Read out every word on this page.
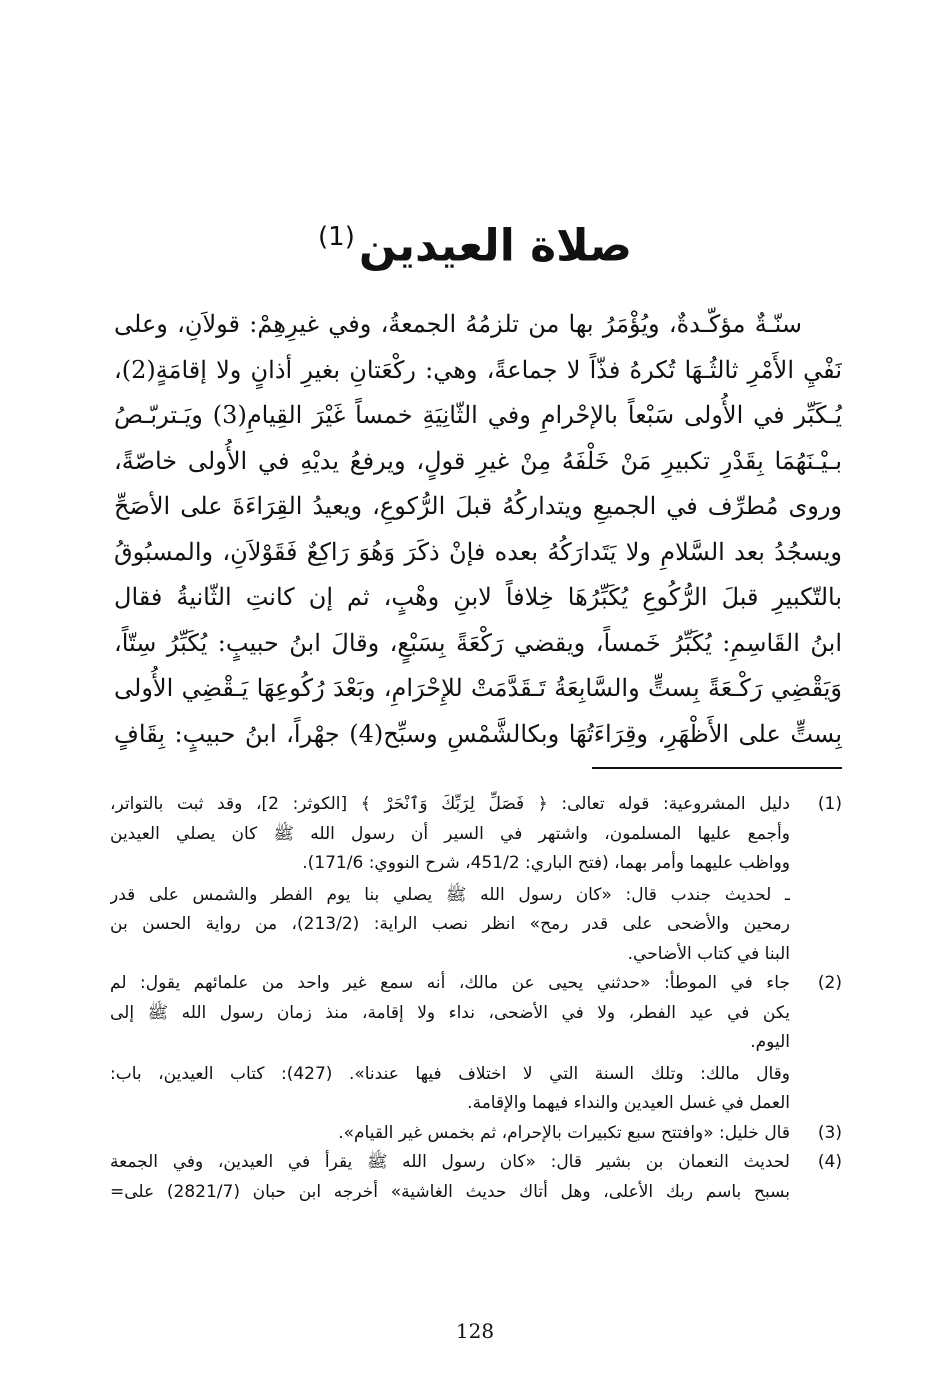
صلاة العيدين$^{(1)}$
سنّـةٌ مؤكّـدةٌ، ويُؤْمَرُ بها من تلزمُهُ الجمعةُ، وفي غيرِهِمْ: قولاَنِ، وعلى
نَفْيِ الأَمْرِ ثالثُـهَا تُكرهُ فذّاً لا جماعةً، وهي: ركْعَتانِ بغيرِ أذانٍ ولا إقامَةٍ(2)،
يُـكَبِّر في الأُولى سَبْعاً بالإحْرامِ وفي الثّانِيَةِ خمساً غَيْرَ القِيامِ(3) ويَـتربّـصُ
بـيْـنَهُمَا بِقَدْرِ تكبيرِ مَنْ خَلْفَهُ مِنْ غيرِ قولٍ، ويرفعُ يديْهِ في الأُولى خاصّةً،
وروى مُطرِّف في الجميعِ ويتداركُهُ قبلَ الرُّكوعِ، ويعيدُ القِرَاءَةَ على الأصَحِّ
ويسجُدُ بعد السَّلامِ ولا يَتَدارَكُهُ بعده فإنْ ذكَرَ وَهُوَ رَاكِعٌ فَقَوْلاَنِ، والمسبُوقُ
بالتّكبيرِ قبلَ الرُّكُوعِ يُكَبِّرُهَا خِلافاً لابنِ وهْبٍ، ثم إن كانتِ الثّانيةُ فقال
ابنُ القَاسِمِ: يُكَبِّرُ خَمساً، ويقضي رَكْعَةً بِسَبْعٍ، وقالَ ابنُ حبيبٍ: يُكَبِّرُ سِتّاً،
وَيَقْضِي رَكْـعَةً بِستٍّ والسَّابِعَةُ تَـقَدَّمَتْ للإِحْرَامِ، وبَعْدَ رُكُوعِهَا يَـقْضِي الأُولى
بِستٍّ على الأَظْهَرِ، وقِرَاءَتُهَا وبكالشَّمْسِ وسبِّح(4) جهْراً، ابنُ حبيبٍ: بِقَافٍ
(1)
دليل المشروعية: قوله تعالى: ﴿ فَصَلِّ لِرَبِّكَ وَٱنْحَرْ ﴾ [الكوثر: 2]، وقد ثبت بالتواتر،
وأجمع عليها المسلمون، واشتهر في السير أن رسول الله ﷺ كان يصلي العيدين
وواظب عليهما وأمر بهما، (فتح الباري: 451/2، شرح النووي: 171/6).
ـ لحديث جندب قال: «كان رسول الله ﷺ يصلي بنا يوم الفطر والشمس على قدر
رمحين والأضحى على قدر رمح» انظر نصب الراية: (213/2)، من رواية الحسن بن
البنا في كتاب الأضاحي.
(2)
جاء في الموطأ: «حدثني يحيى عن مالك، أنه سمع غير واحد من علمائهم يقول: لم
يكن في عيد الفطر، ولا في الأضحى، نداء ولا إقامة، منذ زمان رسول الله ﷺ إلى
اليوم.
وقال مالك: وتلك السنة التي لا اختلاف فيها عندنا». (427): كتاب العيدين، باب:
العمل في غسل العيدين والنداء فيهما والإقامة.
(3)
قال خليل: «وافتتح سبع تكبيرات بالإحرام، ثم بخمس غير القيام».
(4)
لحديث النعمان بن بشير قال: «كان رسول الله ﷺ يقرأ في العيدين، وفي الجمعة
بسبح باسم ربك الأعلى، وهل أتاك حديث الغاشية» أخرجه ابن حبان (2821/7) على=
128
